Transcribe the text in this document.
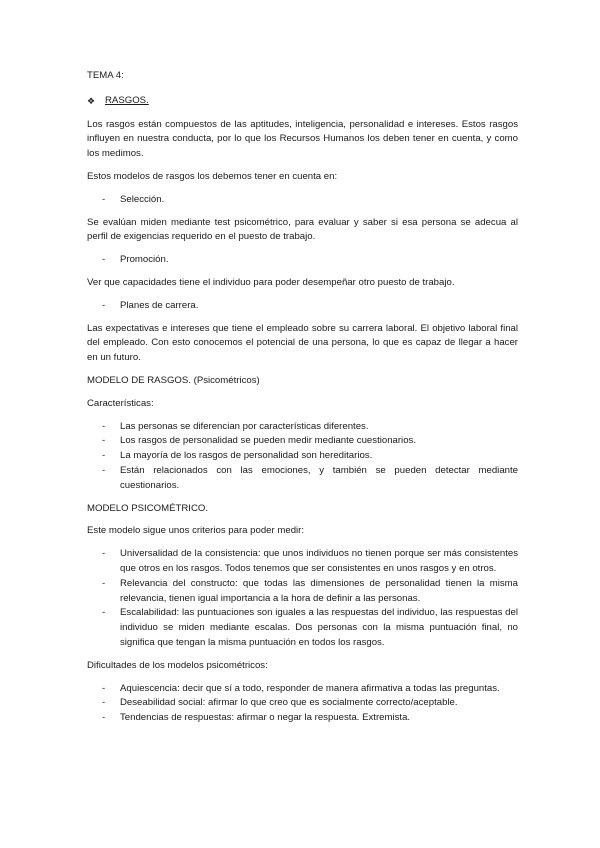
TEMA 4:

❖	RASGOS.

Los rasgos están compuestos de las aptitudes, inteligencia, personalidad e intereses. Estos rasgos influyen en nuestra conducta, por lo que los Recursos Humanos los deben tener en cuenta, y como los medimos.

Estos modelos de rasgos los debemos tener en cuenta en:

-	Selección.

Se evalúan miden mediante test psicométrico, para evaluar y saber si esa persona se adecua al perfil de exigencias requerido en el puesto de trabajo.

-	Promoción.

Ver que capacidades tiene el individuo para poder desempeñar otro puesto de trabajo.

-	Planes de carrera.

Las expectativas e intereses que tiene el empleado sobre su carrera laboral. El objetivo laboral final del empleado. Con esto conocemos el potencial de una persona, lo que es capaz de llegar a hacer en un futuro.

MODELO DE RASGOS. (Psicométricos)

Características:

-	Las personas se diferencian por características diferentes.
-	Los rasgos de personalidad se pueden medir mediante cuestionarios.
-	La mayoría de los rasgos de personalidad son hereditarios.
-	Están relacionados con las emociones, y también se pueden detectar mediante cuestionarios.

MODELO PSICOMÉTRICO.

Este modelo sigue unos criterios para poder medir:

-	Universalidad de la consistencia: que unos individuos no tienen porque ser más consistentes que otros en los rasgos. Todos tenemos que ser consistentes en unos rasgos y en otros.
-	Relevancia del constructo: que todas las dimensiones de personalidad tienen la misma relevancia, tienen igual importancia a la hora de definir a las personas.
-	Escalabilidad: las puntuaciones son iguales a las respuestas del individuo, las respuestas del individuo se miden mediante escalas. Dos personas con la misma puntuación final, no significa que tengan la misma puntuación en todos los rasgos.

Dificultades de los modelos psicométricos:

-	Aquiescencia: decir que sí a todo, responder de manera afirmativa a todas las preguntas.
-	Deseabilidad social: afirmar lo que creo que es socialmente correcto/aceptable.
-	Tendencias de respuestas: afirmar o negar la respuesta. Extremista.
